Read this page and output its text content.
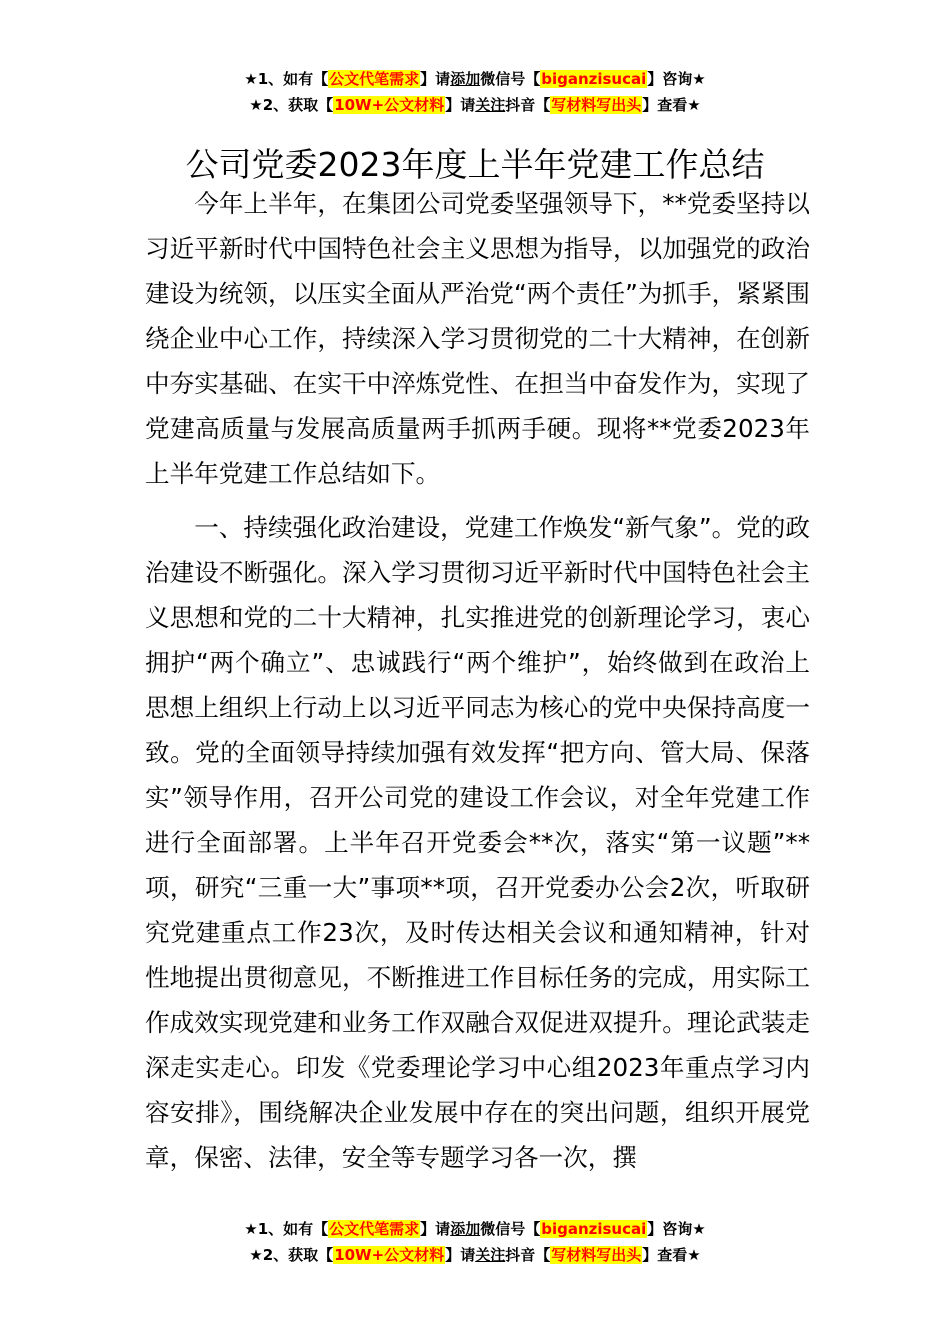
★1、如有【公文代笔需求】请添加微信号【biganzisucai】咨询★
★2、获取【10W+公文材料】请关注抖音【写材料写出头】查看★
公司党委2023年度上半年党建工作总结

今年上半年，在集团公司党委坚强领导下，**党委坚持以习近平新时代中国特色社会主义思想为指导，以加强党的政治建设为统领，以压实全面从严治党“两个责任”为抓手，紧紧围绕企业中心工作，持续深入学习贯彻党的二十大精神，在创新中夯实基础、在实干中淬炼党性、在担当中奋发作为，实现了党建高质量与发展高质量两手抓两手硬。现将**党委2023年上半年党建工作总结如下。

一、持续强化政治建设，党建工作焕发“新气象”。党的政治建设不断强化。深入学习贯彻习近平新时代中国特色社会主义思想和党的二十大精神，扎实推进党的创新理论学习，衷心拥护“两个确立”、忠诚践行“两个维护”，始终做到在政治上思想上组织上行动上以习近平同志为核心的党中央保持高度一致。党的全面领导持续加强有效发挥“把方向、管大局、保落实”领导作用，召开公司党的建设工作会议，对全年党建工作进行全面部署。上半年召开党委会**次，落实“第一议题”**项，研究“三重一大”事项**项，召开党委办公会2次，听取研究党建重点工作23次，及时传达相关会议和通知精神，针对性地提出贯彻意见，不断推进工作目标任务的完成，用实际工作成效实现党建和业务工作双融合双促进双提升。理论武装走深走实走心。印发《党委理论学习中心组2023年重点学习内容安排》，围绕解决企业发展中存在的突出问题，组织开展党章，保密、法律，安全等专题学习各一次，撰

★1、如有【公文代笔需求】请添加微信号【biganzisucai】咨询★
★2、获取【10W+公文材料】请关注抖音【写材料写出头】查看★
